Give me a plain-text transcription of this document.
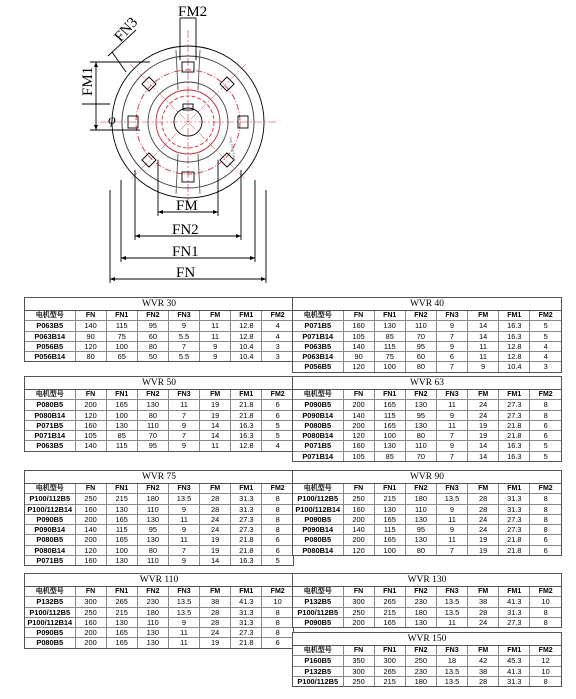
FN3
FM2
FM1
φ
FM
FN2
FN1
FN
Jing Ding Yang
WVR 30
电机型号	FN	FN1	FN2	FN3	FM	FM1	FM2
P063B5	140	115	95	9	11	12.8	4
P063B14	90	75	60	5.5	11	12.8	4
P056B5	120	100	80	7	9	10.4	3
P056B14	80	65	50	5.5	9	10.4	3
WVR 40
电机型号	FN	FN1	FN2	FN3	FM	FM1	FM2
P071B5	160	130	110	9	14	16.3	5
P071B14	105	85	70	7	14	16.3	5
P063B5	140	115	95	9	11	12.8	4
P063B14	90	75	60	6	11	12.8	4
P056B5	120	100	80	7	9	10.4	3
WVR 50
电机型号	FN	FN1	FN2	FN3	FM	FM1	FM2
P080B5	200	165	130	11	19	21.8	6
P080B14	120	100	80	7	19	21.8	6
P071B5	160	130	110	9	14	16.3	5
P071B14	105	85	70	7	14	16.3	5
P063B5	140	115	95	9	11	12.8	4
WVR 63
电机型号	FN	FN1	FN2	FN3	FM	FM1	FM2
P090B5	200	165	130	11	24	27.3	8
P090B14	140	115	95	9	24	27.3	8
P080B5	200	165	130	11	19	21.8	6
P080B14	120	100	80	7	19	21.8	6
P071B5	160	130	110	9	14	16.3	5
P071B14	105	85	70	7	14	16.3	5
WVR 75
电机型号	FN	FN1	FN2	FN3	FM	FM1	FM2
P100/112B5	250	215	180	13.5	28	31.3	8
P100/112B14	160	130	110	9	28	31.3	8
P090B5	200	165	130	11	24	27.3	8
P090B14	140	115	95	9	24	27.3	8
P080B5	200	165	130	11	19	21.8	6
P080B14	120	100	80	7	19	21.8	6
P071B5	160	130	110	9	14	16.3	5
WVR 90
电机型号	FN	FN1	FN2	FN3	FM	FM1	FM2
P100/112B5	250	215	180	13.5	28	31.3	8
P100/112B14	160	130	110	9	28	31.3	8
P090B5	200	165	130	11	24	27.3	8
P090B14	140	115	95	9	24	27.3	8
P080B5	200	165	130	11	19	21.8	6
P080B14	120	100	80	7	19	21.8	6
WVR 110
电机型号	FN	FN1	FN2	FN3	FM	FM1	FM2
P132B5	300	265	230	13.5	38	41.3	10
P100/112B5	250	215	180	13.5	28	31.3	8
P100/112B14	160	130	110	9	28	31.3	8
P090B5	200	165	130	11	24	27.3	8
P080B5	200	165	130	11	19	21.8	6
WVR 130
电机型号	FN	FN1	FN2	FN3	FM	FM1	FM2
P132B5	300	265	230	13.5	38	41.3	10
P100/112B5	250	215	180	13.5	28	31.3	8
P090B5	200	165	130	11	24	27.3	8
WVR 150
电机型号	FN	FN1	FN2	FN3	FM	FM1	FM2
P160B5	350	300	250	18	42	45.3	12
P132B5	300	265	230	13.5	38	41.3	10
P100/112B5	250	215	180	13.5	28	31.3	8
